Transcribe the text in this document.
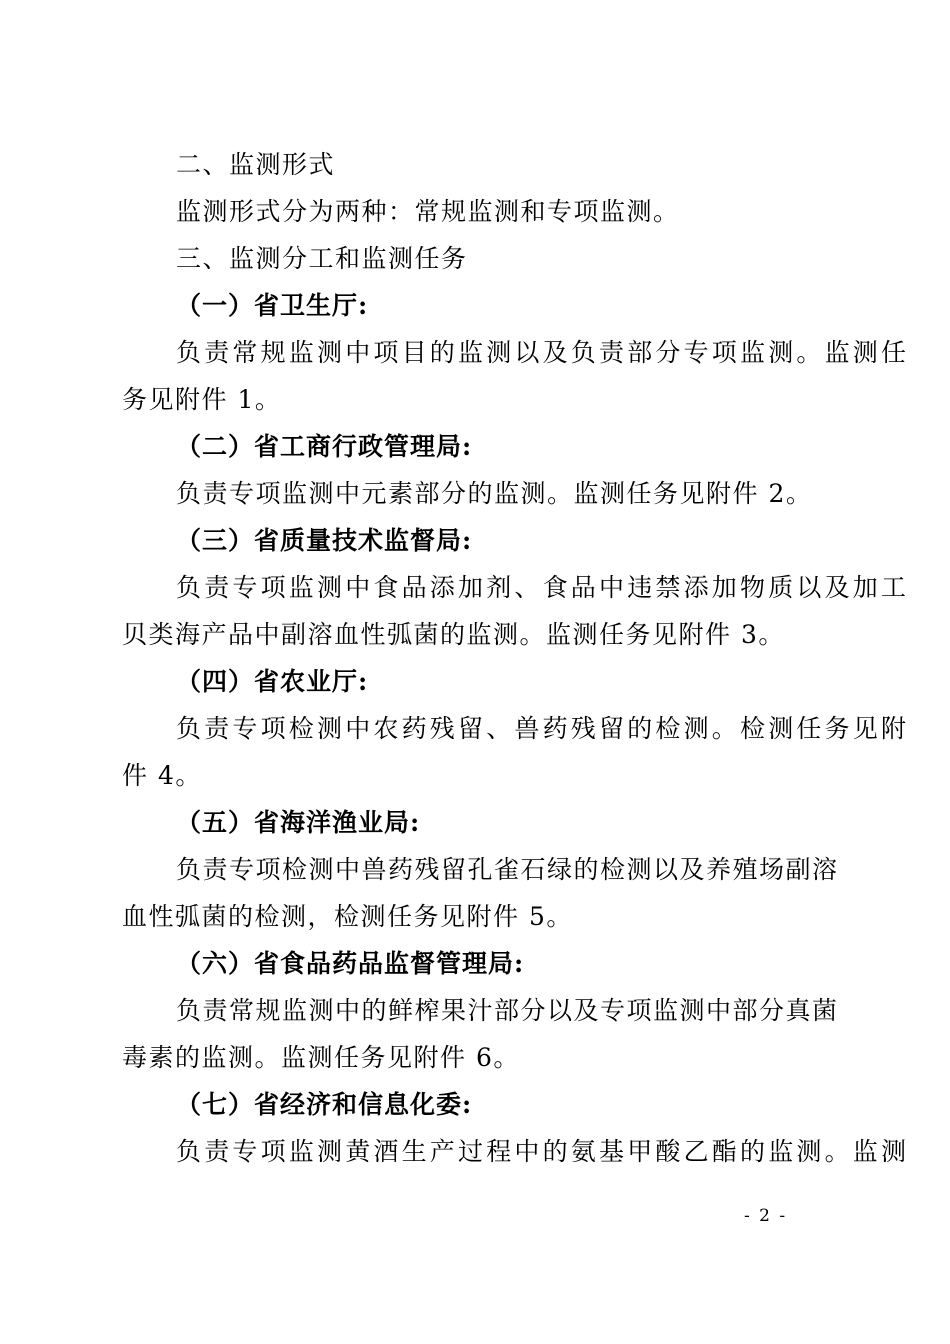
二、监测形式
监测形式分为两种：常规监测和专项监测。
三、监测分工和监测任务
（一）省卫生厅:
负责常规监测中项目的监测以及负责部分专项监测。监测任
务见附件 1。
（二）省工商行政管理局:
负责专项监测中元素部分的监测。监测任务见附件 2。
（三）省质量技术监督局:
负责专项监测中食品添加剂、食品中违禁添加物质以及加工
贝类海产品中副溶血性弧菌的监测。监测任务见附件 3。
（四）省农业厅:
负责专项检测中农药残留、兽药残留的检测。检测任务见附
件 4。
（五）省海洋渔业局:
负责专项检测中兽药残留孔雀石绿的检测以及养殖场副溶
血性弧菌的检测，检测任务见附件 5。
（六）省食品药品监督管理局:
负责常规监测中的鲜榨果汁部分以及专项监测中部分真菌
毒素的监测。监测任务见附件 6。
（七）省经济和信息化委:
负责专项监测黄酒生产过程中的氨基甲酸乙酯的监测。监测
- 2 -
